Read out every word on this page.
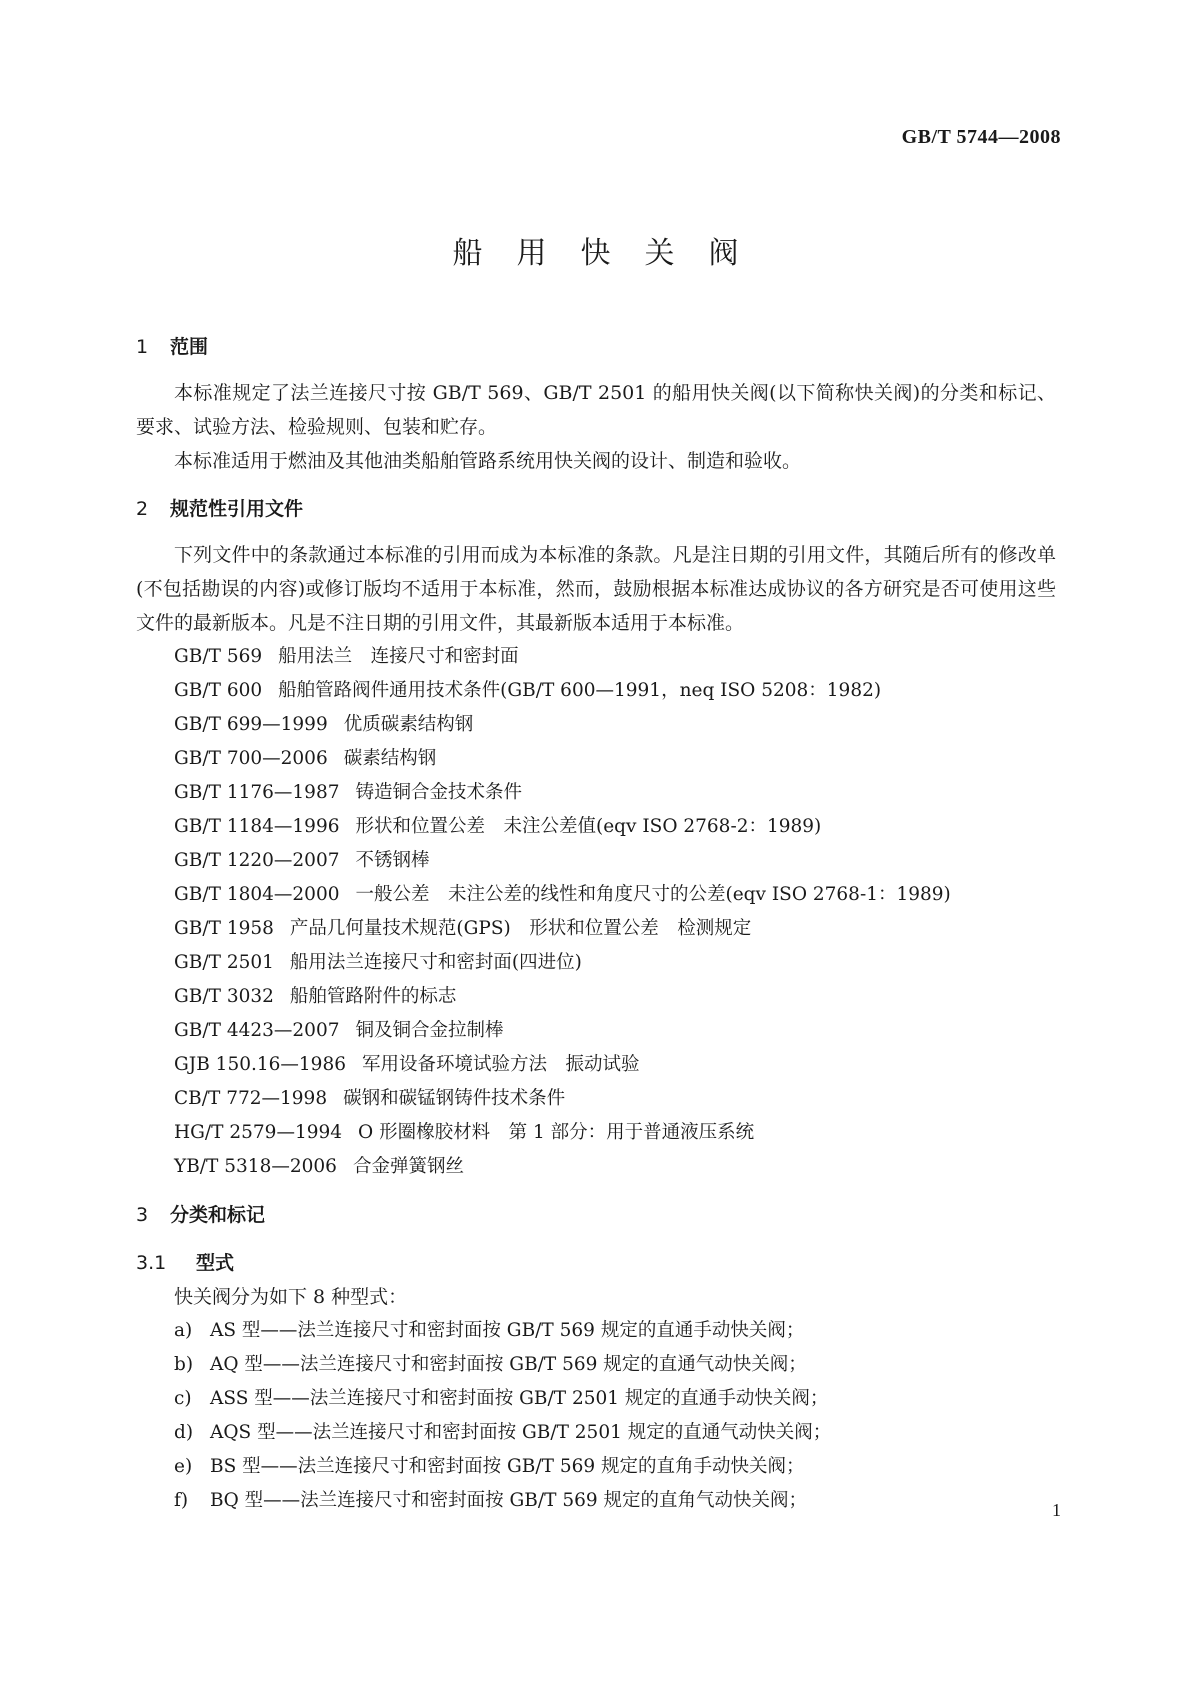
GB/T 5744—2008
船用快关阀
1 范围

本标准规定了法兰连接尺寸按 GB/T 569、GB/T 2501 的船用快关阀(以下简称快关阀)的分类和标记、要求、试验方法、检验规则、包装和贮存。

本标准适用于燃油及其他油类船舶管路系统用快关阀的设计、制造和验收。

2 规范性引用文件

下列文件中的条款通过本标准的引用而成为本标准的条款。凡是注日期的引用文件，其随后所有的修改单(不包括勘误的内容)或修订版均不适用于本标准，然而，鼓励根据本标准达成协议的各方研究是否可使用这些文件的最新版本。凡是不注日期的引用文件，其最新版本适用于本标准。

GB/T 569 船用法兰　连接尺寸和密封面
GB/T 600 船舶管路阀件通用技术条件(GB/T 600—1991，neq ISO 5208：1982)
GB/T 699—1999 优质碳素结构钢
GB/T 700—2006 碳素结构钢
GB/T 1176—1987 铸造铜合金技术条件
GB/T 1184—1996 形状和位置公差　未注公差值(eqv ISO 2768-2：1989)
GB/T 1220—2007 不锈钢棒
GB/T 1804—2000 一般公差　未注公差的线性和角度尺寸的公差(eqv ISO 2768-1：1989)
GB/T 1958 产品几何量技术规范(GPS)　形状和位置公差　检测规定
GB/T 2501 船用法兰连接尺寸和密封面(四进位)
GB/T 3032 船舶管路附件的标志
GB/T 4423—2007 铜及铜合金拉制棒
GJB 150.16—1986 军用设备环境试验方法　振动试验
CB/T 772—1998 碳钢和碳锰钢铸件技术条件
HG/T 2579—1994 O 形圈橡胶材料　第 1 部分：用于普通液压系统
YB/T 5318—2006 合金弹簧钢丝
3 分类和标记
3.1 型式

快关阀分为如下 8 种型式：

a) AS 型——法兰连接尺寸和密封面按 GB/T 569 规定的直通手动快关阀；
b) AQ 型——法兰连接尺寸和密封面按 GB/T 569 规定的直通气动快关阀；
c) ASS 型——法兰连接尺寸和密封面按 GB/T 2501 规定的直通手动快关阀；
d) AQS 型——法兰连接尺寸和密封面按 GB/T 2501 规定的直通气动快关阀；
e) BS 型——法兰连接尺寸和密封面按 GB/T 569 规定的直角手动快关阀；
f) BQ 型——法兰连接尺寸和密封面按 GB/T 569 规定的直角气动快关阀；	1
